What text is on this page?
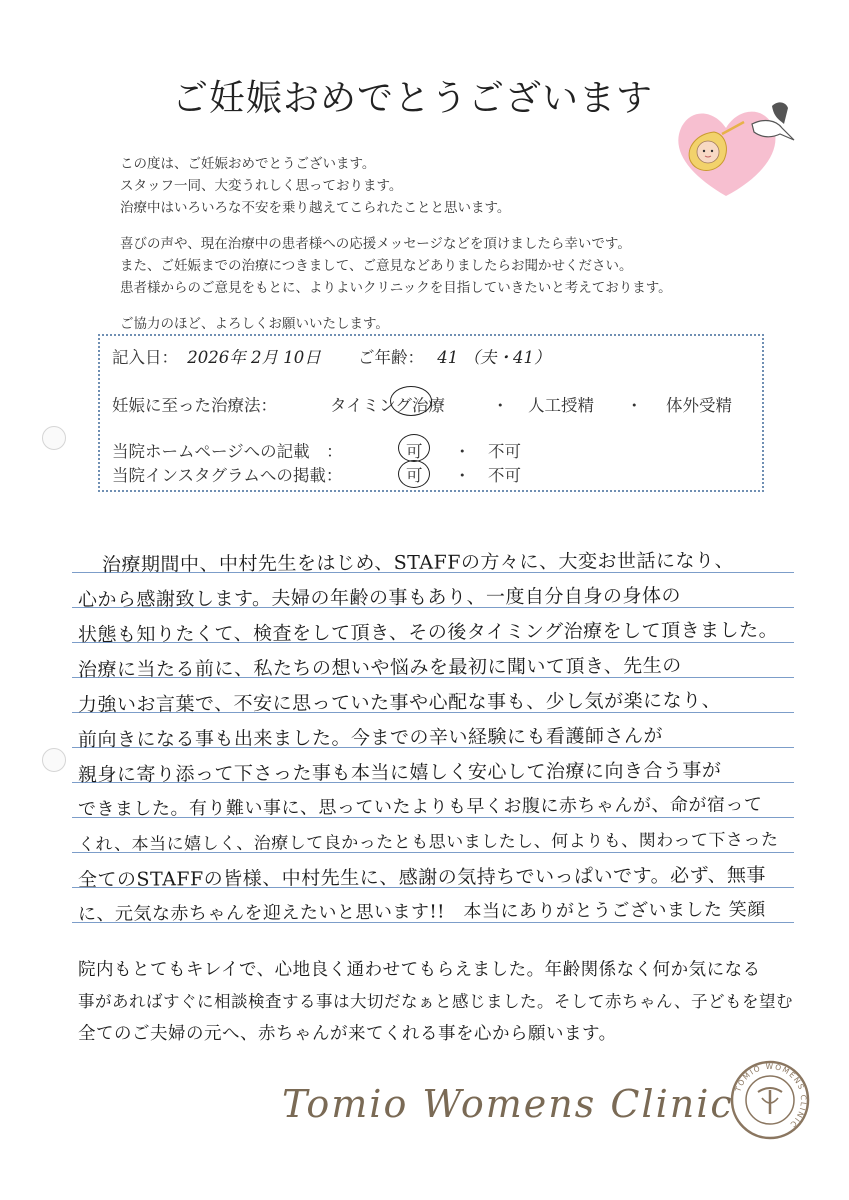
ご妊娠おめでとうございます
この度は、ご妊娠おめでとうございます。
スタッフ一同、大変うれしく思っております。
治療中はいろいろな不安を乗り越えてこられたことと思います。
喜びの声や、現在治療中の患者様への応援メッセージなどを頂けましたら幸いです。
また、ご妊娠までの治療につきまして、ご意見などありましたらお聞かせください。
患者様からのご意見をもとに、よりよいクリニックを目指していきたいと考えております。
ご協力のほど、よろしくお願いいたします。
記入日： 2026年 2月 10日 ご年齢： 41 （夫・41）
妊娠に至った治療法：	タイミング治療	・ 人工授精 ・ 体外受精
当院ホームページへの記載　：	可 ・ 不可
当院インスタグラムへの掲載：	可 ・ 不可
治療期間中、中村先生をはじめ、STAFFの方々に、大変お世話になり、
心から感謝致します。夫婦の年齢の事もあり、一度自分自身の身体の
状態も知りたくて、検査をして頂き、その後タイミング治療をして頂きました。
治療に当たる前に、私たちの想いや悩みを最初に聞いて頂き、先生の
力強いお言葉で、不安に思っていた事や心配な事も、少し気が楽になり、
前向きになる事も出来ました。今までの辛い経験にも看護師さんが
親身に寄り添って下さった事も本当に嬉しく安心して治療に向き合う事が
できました。有り難い事に、思っていたよりも早くお腹に赤ちゃんが、命が宿って
くれ、本当に嬉しく、治療して良かったとも思いましたし、何よりも、関わって下さった
全てのSTAFFの皆様、中村先生に、感謝の気持ちでいっぱいです。必ず、無事
に、元気な赤ちゃんを迎えたいと思います!!　本当にありがとうございました 笑顔
院内もとてもキレイで、心地良く通わせてもらえました。年齢関係なく何か気になる
事があればすぐに相談検査する事は大切だなぁと感じました。そして赤ちゃん、子どもを望む
全てのご夫婦の元へ、赤ちゃんが来てくれる事を心から願います。
Tomio Womens Clinic TOMIO WOMENS CLINIC
